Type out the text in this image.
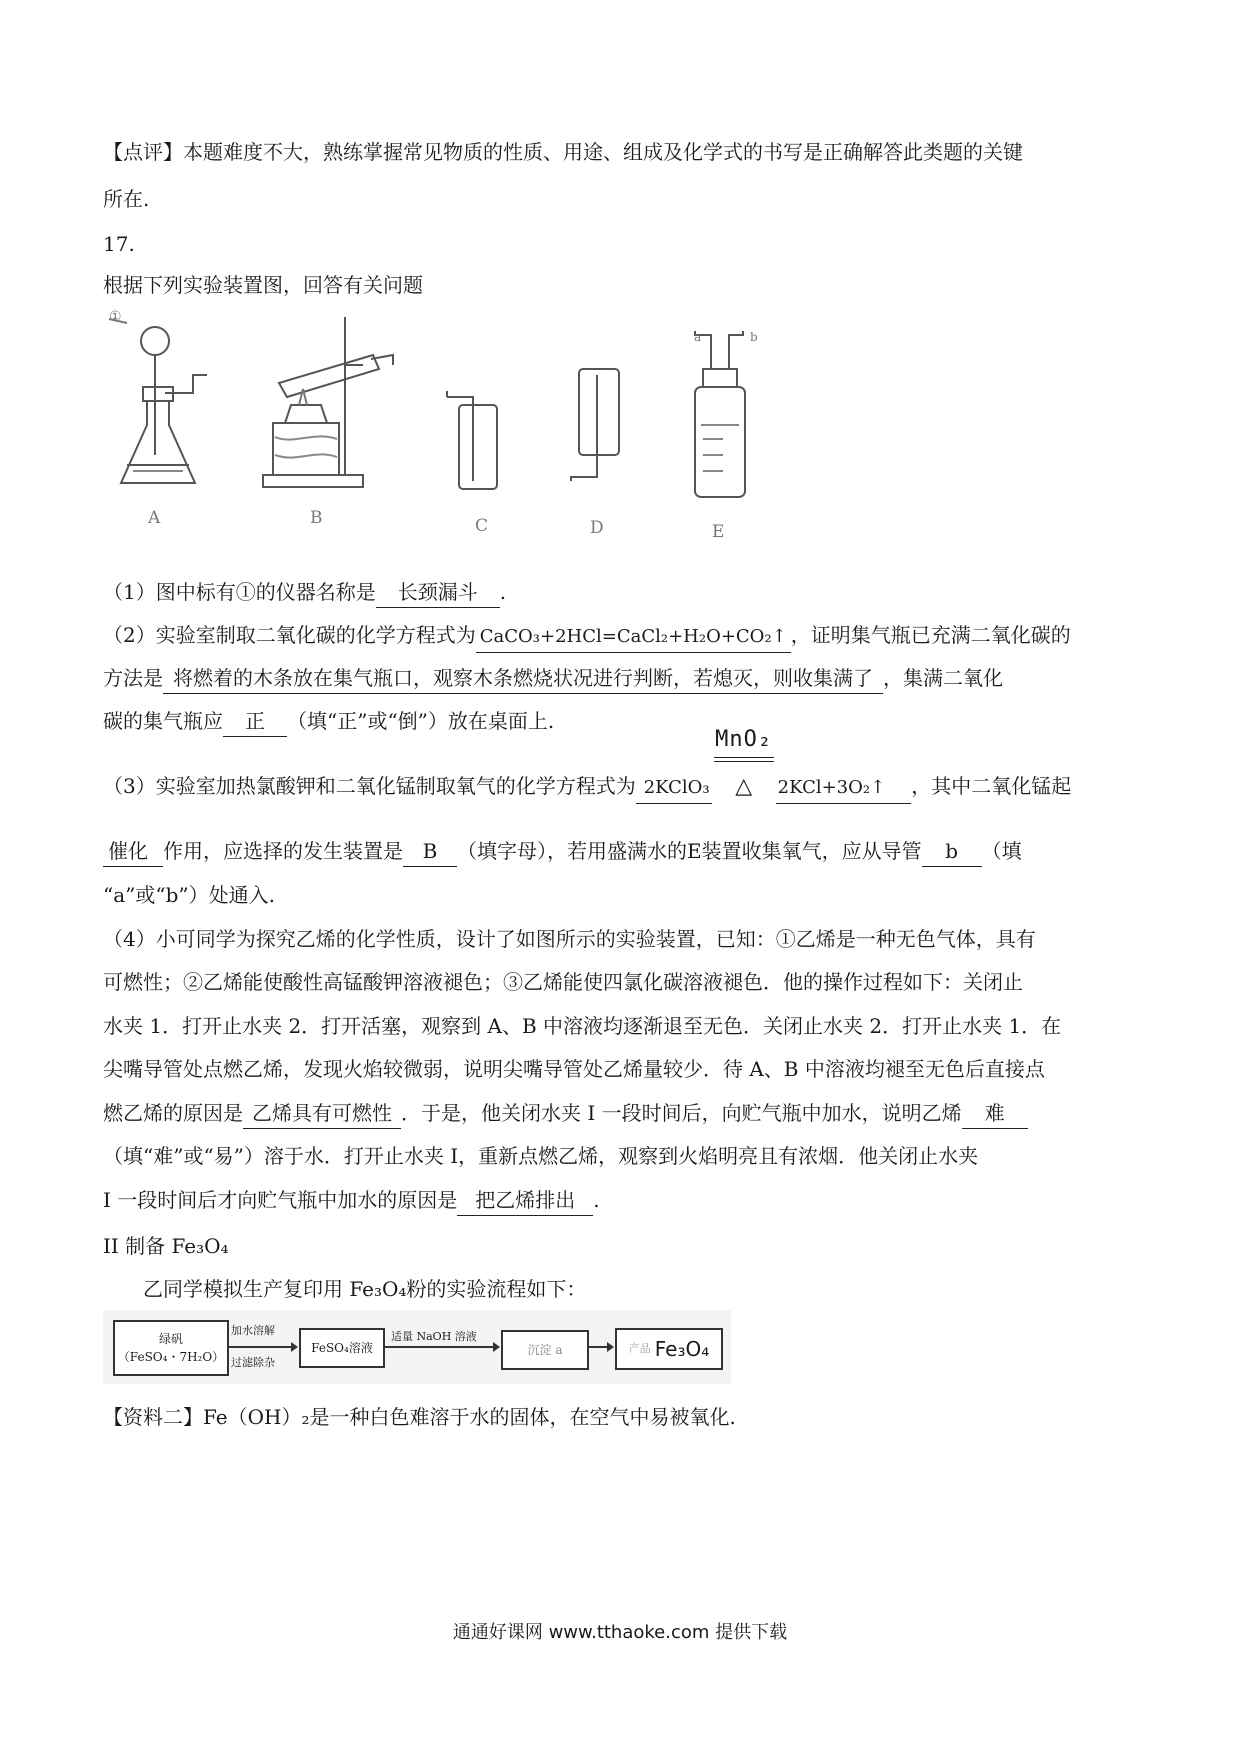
【点评】本题难度不大，熟练掌握常见物质的性质、用途、组成及化学式的书写是正确解答此类题的关键
所在.
17.
根据下列实验装置图，回答有关问题
①
a	b
A	B	C	D	E
（1）图中标有①的仪器名称是 长颈漏斗 .
（2）实验室制取二氧化碳的化学方程式为 CaCO₃+2HCl=CaCl₂+H₂O+CO₂↑ ，证明集气瓶已充满二氧化碳的
方法是 将燃着的木条放在集气瓶口，观察木条燃烧状况进行判断，若熄灭，则收集满了 ，集满二氧化
碳的集气瓶应 正 （填“正”或“倒”）放在桌面上.
（3）实验室加热氯酸钾和二氧化锰制取氧气的化学方程式为 2KClO₃
MnO₂
△ 2KCl+3O₂↑ ，其中二氧化锰起
催化 作用，应选择的发生装置是 B （填字母），若用盛满水的E装置收集氧气，应从导管 b （填
“a”或“b”）处通入.
（4）小可同学为探究乙烯的化学性质，设计了如图所示的实验装置，已知：①乙烯是一种无色气体，具有
可燃性；②乙烯能使酸性高锰酸钾溶液褪色；③乙烯能使四氯化碳溶液褪色．他的操作过程如下：关闭止
水夹 1．打开止水夹 2．打开活塞，观察到 A、B 中溶液均逐渐退至无色．关闭止水夹 2．打开止水夹 1．在
尖嘴导管处点燃乙烯，发现火焰较微弱，说明尖嘴导管处乙烯量较少．待 A、B 中溶液均褪至无色后直接点
燃乙烯的原因是 乙烯具有可燃性 ．于是，他关闭水夹 I 一段时间后，向贮气瓶中加水，说明乙烯 难
（填“难”或“易”）溶于水．打开止水夹 I，重新点燃乙烯，观察到火焰明亮且有浓烟．他关闭止水夹
I 一段时间后才向贮气瓶中加水的原因是 把乙烯排出 .
II 制备 Fe₃O₄
乙同学模拟生产复印用 Fe₃O₄粉的实验流程如下：
绿矾
（FeSO₄・7H₂O）
加水溶解
过滤除杂
FeSO₄溶液
适量 NaOH 溶液
沉淀 a	产品 Fe₃O₄
【资料二】Fe（OH）₂是一种白色难溶于水的固体，在空气中易被氧化.
通通好课网 www.tthaoke.com 提供下载
